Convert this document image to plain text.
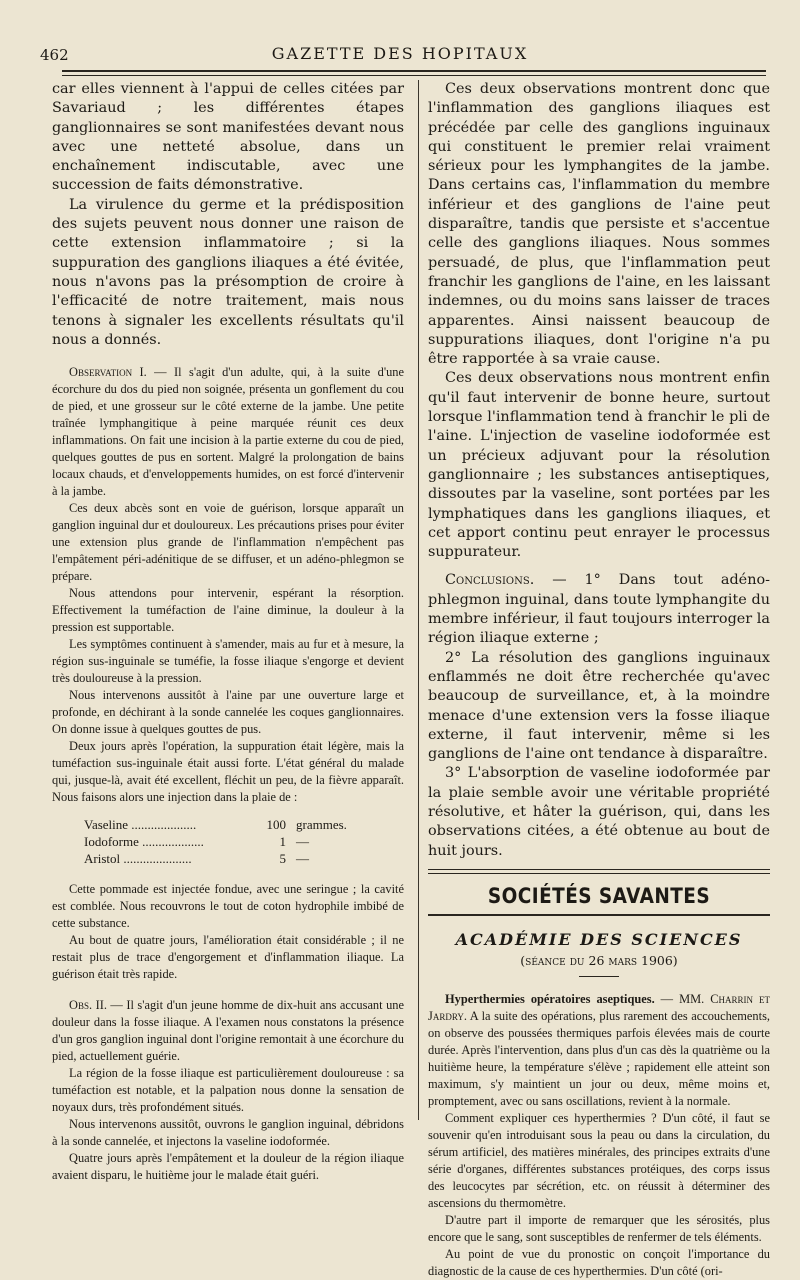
462	GAZETTE DES HOPITAUX

car elles viennent à l'appui de celles citées par Savariaud ; les différentes étapes ganglionnaires se sont manifestées devant nous avec une netteté absolue, dans un enchaînement indiscutable, avec une succession de faits démonstrative.

La virulence du germe et la prédisposition des sujets peuvent nous donner une raison de cette extension inflammatoire ; si la suppuration des ganglions iliaques a été évitée, nous n'avons pas la présomption de croire à l'efficacité de notre traitement, mais nous tenons à signaler les excellents résultats qu'il nous a donnés.

Observation I. — Il s'agit d'un adulte, qui, à la suite d'une écorchure du dos du pied non soignée, présenta un gonflement du cou de pied, et une grosseur sur le côté externe de la jambe. Une petite traînée lymphangitique à peine marquée réunit ces deux inflammations. On fait une incision à la partie externe du cou de pied, quelques gouttes de pus en sortent. Malgré la prolongation de bains locaux chauds, et d'enveloppements humides, on est forcé d'intervenir à la jambe.

Ces deux abcès sont en voie de guérison, lorsque apparaît un ganglion inguinal dur et douloureux. Les précautions prises pour éviter une extension plus grande de l'inflammation n'empêchent pas l'empâtement péri-adénitique de se diffuser, et un adéno-phlegmon se prépare.

Nous attendons pour intervenir, espérant la résorption. Effectivement la tuméfaction de l'aine diminue, la douleur à la pression est supportable.

Les symptômes continuent à s'amender, mais au fur et à mesure, la région sus-inguinale se tuméfie, la fosse iliaque s'engorge et devient très douloureuse à la pression.

Nous intervenons aussitôt à l'aine par une ouverture large et profonde, en déchirant à la sonde cannelée les coques ganglionnaires. On donne issue à quelques gouttes de pus.

Deux jours après l'opération, la suppuration était légère, mais la tuméfaction sus-inguinale était aussi forte. L'état général du malade qui, jusque-là, avait été excellent, fléchit un peu, de la fièvre apparaît. Nous faisons alors une injection dans la plaie de :

Vaseline ....................	100 grammes.
Iodoforme ...................	1 —
Aristol .....................	5 —

Cette pommade est injectée fondue, avec une seringue ; la cavité est comblée. Nous recouvrons le tout de coton hydrophile imbibé de cette substance.

Au bout de quatre jours, l'amélioration était considérable ; il ne restait plus de trace d'engorgement et d'inflammation iliaque. La guérison était très rapide.

Obs. II. — Il s'agit d'un jeune homme de dix-huit ans accusant une douleur dans la fosse iliaque. A l'examen nous constatons la présence d'un gros ganglion inguinal dont l'origine remontait à une écorchure du pied, actuellement guérie.

La région de la fosse iliaque est particulièrement douloureuse : sa tuméfaction est notable, et la palpation nous donne la sensation de noyaux durs, très profondément situés.

Nous intervenons aussitôt, ouvrons le ganglion inguinal, débridons à la sonde cannelée, et injectons la vaseline iodoformée.

Quatre jours après l'empâtement et la douleur de la région iliaque avaient disparu, le huitième jour le malade était guéri.

Ces deux observations montrent donc que l'inflammation des ganglions iliaques est précédée par celle des ganglions inguinaux qui constituent le premier relai vraiment sérieux pour les lymphangites de la jambe. Dans certains cas, l'inflammation du membre inférieur et des ganglions de l'aine peut disparaître, tandis que persiste et s'accentue celle des ganglions iliaques. Nous sommes persuadé, de plus, que l'inflammation peut franchir les ganglions de l'aine, en les laissant indemnes, ou du moins sans laisser de traces apparentes. Ainsi naissent beaucoup de suppurations iliaques, dont l'origine n'a pu être rapportée à sa vraie cause.

Ces deux observations nous montrent enfin qu'il faut intervenir de bonne heure, surtout lorsque l'inflammation tend à franchir le pli de l'aine. L'injection de vaseline iodoformée est un précieux adjuvant pour la résolution ganglionnaire ; les substances antiseptiques, dissoutes par la vaseline, sont portées par les lymphatiques dans les ganglions iliaques, et cet apport continu peut enrayer le processus suppurateur.

Conclusions. — 1° Dans tout adéno-phlegmon inguinal, dans toute lymphangite du membre inférieur, il faut toujours interroger la région iliaque externe ;

2° La résolution des ganglions inguinaux enflammés ne doit être recherchée qu'avec beaucoup de surveillance, et, à la moindre menace d'une extension vers la fosse iliaque externe, il faut intervenir, même si les ganglions de l'aine ont tendance à disparaître.

3° L'absorption de vaseline iodoformée par la plaie semble avoir une véritable propriété résolutive, et hâter la guérison, qui, dans les observations citées, a été obtenue au bout de huit jours.

SOCIÉTÉS SAVANTES
ACADÉMIE DES SCIENCES
(séance du 26 mars 1906)

Hyperthermies opératoires aseptiques. — MM. Charrin et Jardry. A la suite des opérations, plus rarement des accouchements, on observe des poussées thermiques parfois élevées mais de courte durée. Après l'intervention, dans plus d'un cas dès la quatrième ou la huitième heure, la température s'élève ; rapidement elle atteint son maximum, s'y maintient un jour ou deux, même moins et, promptement, avec ou sans oscillations, revient à la normale.

Comment expliquer ces hyperthermies ? D'un côté, il faut se souvenir qu'en introduisant sous la peau ou dans la circulation, du sérum artificiel, des matières minérales, des principes extraits d'une série d'organes, différentes substances protéiques, des corps issus des leucocytes par sécrétion, etc. on réussit à déterminer des ascensions du thermomètre.

D'autre part il importe de remarquer que les sérosités, plus encore que le sang, sont susceptibles de renfermer de tels éléments.

Au point de vue du pronostic on conçoit l'importance du diagnostic de la cause de ces hyperthermies. D'un côté (ori-
